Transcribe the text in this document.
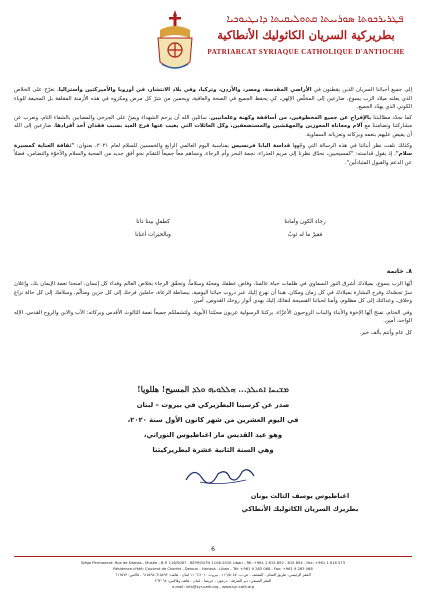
ܦܛܪܝܪܟܘܬܐ ܣܘܪܝܝܬܐ ܩܬܘܠܝܩܝܬܐ ܕܐܢܛܝܘܟܝܐ
بطريركية السريان الكاثوليك الأنطاكية
PATRIARCAT SYRIAQUE CATHOLIQUE D'ANTIOCHE

إلى جميع أحبائنا السريان الذين يقطنون في الأراضي المقدسة، ومصر، والأردن، وتركيا، وفي بلاد الانتشار، في أوروبا والأميركتين وأستراليا، نعرّج على الخلاص الذي يعلنه ميلاد الرب يسوع، ضارعين إلى المخلّص الإلهي، كي يحفظ الجميع في الصحة والعافية، ويحمين من شرّ كل مرض ومكروه في هذه الأزمنة المقلقة بل المخيفة للوباء الكوني الذي يهدّد الجميع.

كما نجدّد مطالبتنا بالإفراج عن جميع المخطوفين، من أساقفة وكهنة وعلمانيين، سائلين الله أن يرحم الشهداء ويمنّ على الجرحى والمصابين بالشفاء التام، ونعرب عن مشاركتنا وتضامننا مع آلام ومعاناة المعوزين والمهمّشين والمستضعفين، وكل العائلات التي يغيب عنها فرح العيد بسبب فقدان أحد أفرادها، ضارعين إلى الله أن يفيض عليهم بنعمه وبركاته وتعزياته السماوية.

وكذلك نلفت نظر أبنائنا في هذه الرسالة التي وجّهها قداسة البابا فرنسيس بمناسبة اليوم العالمي الرابع والخمسين للسلام لعام ٢٠٢١، بعنوان: "ثقافة العناية كمسيرة سلام"، إذ يقول قداسته: "كمسيحيين، نحدّق نظرنا إلى مريم العذراء، نجمة البحر وأم الرجاء، ونساهم معاً جميعاً للتقدّم نحو أفق جديد من المحبة والسلام والأخوّة والتضامن، فضلاً عن الدعم والقبول المتبادلَين".

رجاء الكون وأماننا
فقيرٌ ما له ثوبٌ
كطفلٍ بيننا دانا
وبالخيرات أغنانا
٨. خاتمة

أيّها الرب يسوع، بميلادك أشرق النور السماوي في ظلمات حياة عالمنا، وفاض عطفك ومحبّة وسلاماً، وتحقّق الرجاء بخلاص العالم وفداء كل إنسان، امنحنا نعمة الإيمان بك، وإعلان سرّ تجسّدك وفرح البشارة بميلادك في كل زمان ومكان. هبنا أن نهرع إليك عبر دروب حياتنا اليومية، ببساطة الرعاة، حاملين فرحك إلى كل حزين ومتألّم، وسلامك إلى كل حالة نزاع وخلاف، وعدالتك إلى كل مظلوم، وأمنا لحياتنا الفسيحة لنقاتك إليك بهدي أنوار روحك القدوس، آمين.

وفي الختام، نمنح أيّها الإخوة والأبناء والبنات الروحيون الأعزّاء، بركتنا الرسولية عربون محبّتنا الأبوية، ولتشملكم جميعاً نعمة الثالوث الأقدس وبركاته: الآب والابن والروح القدس، الإله الواحد، آمين.

كل عام وأنتم بألف خير.

ܡܫܝܚܐ ܐܬܝܠܕ... ܗܠܠܘܝܗ ܘܠܕ المسيح! هللويا!
صدر عن كرسينا البطريركي في بيروت – لبنان
في اليوم العشرين من شهر كانون الأول سنة ٢٠٢٠،
وهو عيد القديس مار اغناطيوس النوراني،
وهي السنة الثانية عشرة لبطريركيتنا
اغناطيوس يوسف الثالث يونان
بطريرك السريان الكاثوليك الأنطاكي
6
Siège Permanent: Rue de Damas - Musée - B.P. 116/5087 - BEYROUTH 1106-2010 Liban - Tél: +961 1 615 892 - 615 894 - Fax: +961 1 616 573
Résidence d'été: Couvent de Charfet - Deroun - Harissa - Liban - Tél: +961 9 263 068 - Fax: +961 9 263 068
المقر الرئيسي: طريق الشام - المتحف - ص.ب. ١١٦/٥٠٨٧ - بيروت ٢٠١٠-١١٠٦ لبنان - هاتف: ٦١٥٨٩٢-٦١٥٨٩٤ - فاكس: ٦١٦٥٧٣
المقر الصيفي: دير الشرفة - درعون - حريصا - لبنان - هاتف وفاكس: ٢٦٣٠٦٨
e-mail: info@syr-cath.org - www.syr-cath.org
